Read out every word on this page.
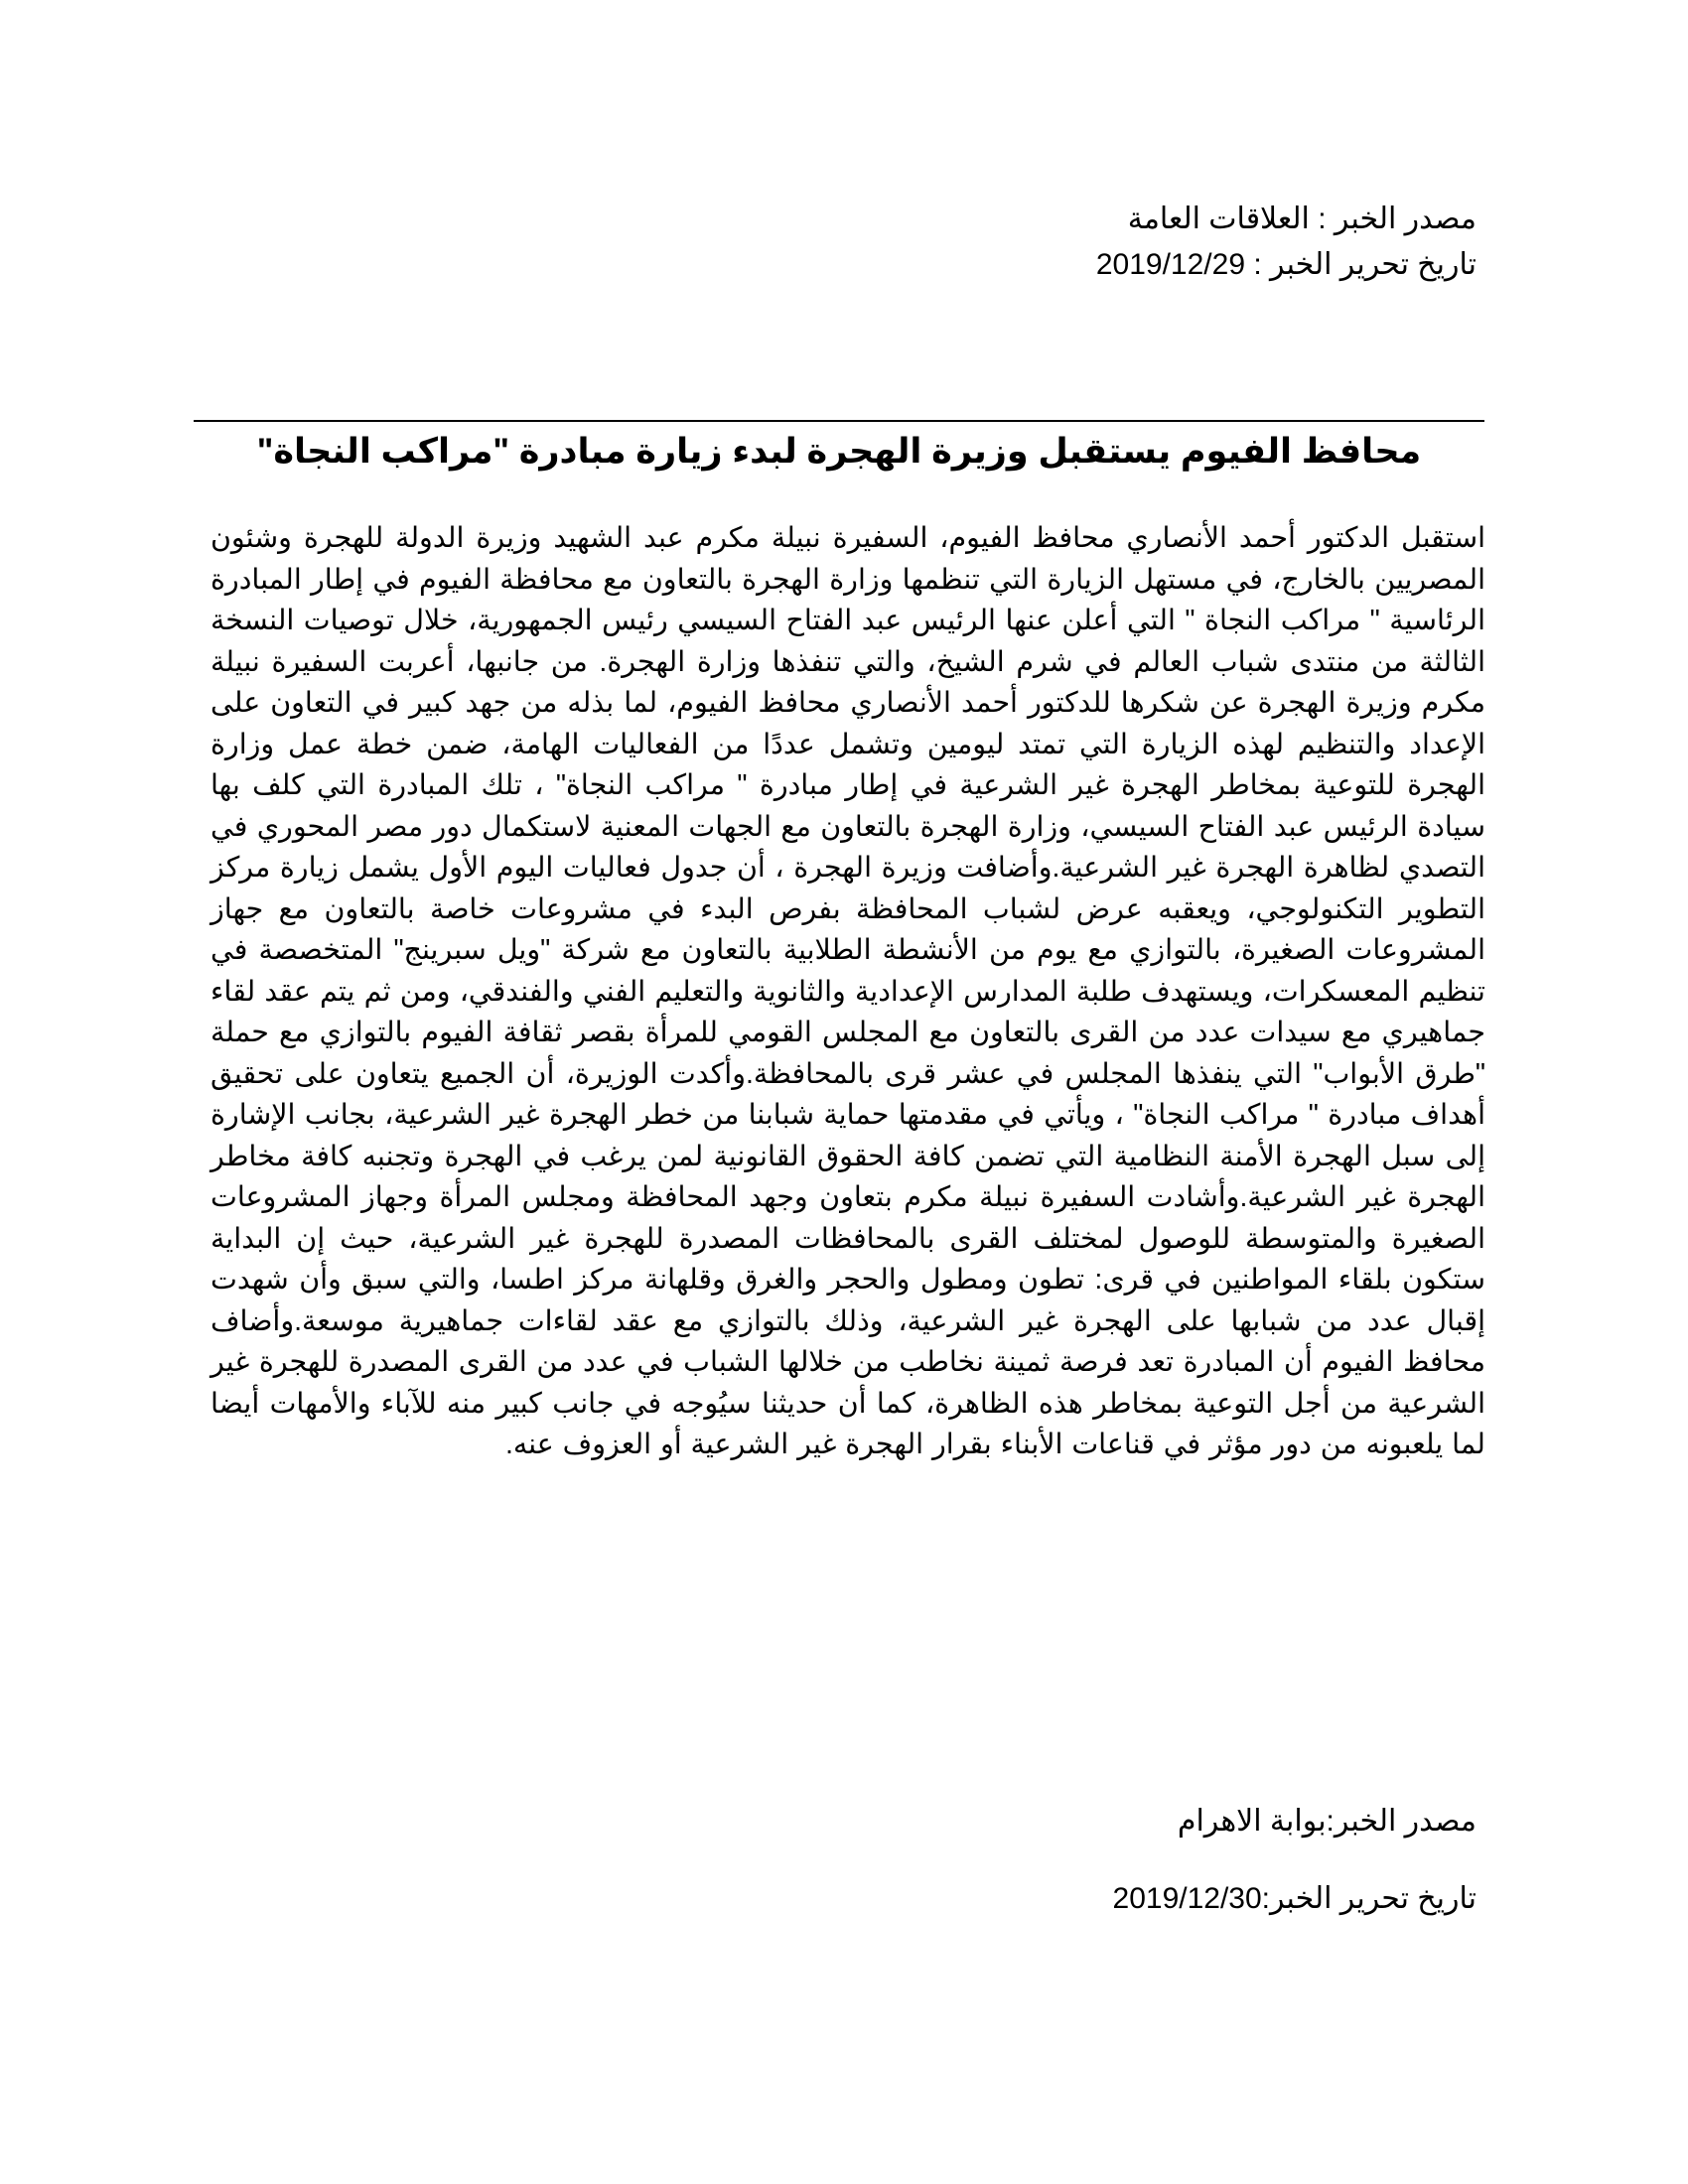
مصدر الخبر : العلاقات العامة
تاريخ تحرير الخبر : 2019/12/29
محافظ الفيوم يستقبل وزيرة الهجرة لبدء زيارة مبادرة "مراكب النجاة"
استقبل الدكتور أحمد الأنصاري محافظ الفيوم، السفيرة نبيلة مكرم عبد الشهيد وزيرة الدولة للهجرة وشئون المصريين بالخارج، في مستهل الزيارة التي تنظمها وزارة الهجرة بالتعاون مع محافظة الفيوم في إطار المبادرة الرئاسية " مراكب النجاة " التي أعلن عنها الرئيس عبد الفتاح السيسي رئيس الجمهورية، خلال توصيات النسخة الثالثة من منتدى شباب العالم في شرم الشيخ، والتي تنفذها وزارة الهجرة. من جانبها، أعربت السفيرة نبيلة مكرم وزيرة الهجرة عن شكرها للدكتور أحمد الأنصاري محافظ الفيوم، لما بذله من جهد كبير في التعاون على الإعداد والتنظيم لهذه الزيارة التي تمتد ليومين وتشمل عددًا من الفعاليات الهامة، ضمن خطة عمل وزارة الهجرة للتوعية بمخاطر الهجرة غير الشرعية في إطار مبادرة " مراكب النجاة" ، تلك المبادرة التي كلف بها سيادة الرئيس عبد الفتاح السيسي، وزارة الهجرة بالتعاون مع الجهات المعنية لاستكمال دور مصر المحوري في التصدي لظاهرة الهجرة غير الشرعية.وأضافت وزيرة الهجرة ، أن جدول فعاليات اليوم الأول يشمل زيارة مركز التطوير التكنولوجي، ويعقبه عرض لشباب المحافظة بفرص البدء في مشروعات خاصة بالتعاون مع جهاز المشروعات الصغيرة، بالتوازي مع يوم من الأنشطة الطلابية بالتعاون مع شركة "ويل سبرينج" المتخصصة في تنظيم المعسكرات، ويستهدف طلبة المدارس الإعدادية والثانوية والتعليم الفني والفندقي، ومن ثم يتم عقد لقاء جماهيري مع سيدات عدد من القرى بالتعاون مع المجلس القومي للمرأة بقصر ثقافة الفيوم بالتوازي مع حملة "طرق الأبواب" التي ينفذها المجلس في عشر قرى بالمحافظة.وأكدت الوزيرة، أن الجميع يتعاون على تحقيق أهداف مبادرة " مراكب النجاة" ، ويأتي في مقدمتها حماية شبابنا من خطر الهجرة غير الشرعية، بجانب الإشارة إلى سبل الهجرة الأمنة النظامية التي تضمن كافة الحقوق القانونية لمن يرغب في الهجرة وتجنبه كافة مخاطر الهجرة غير الشرعية.وأشادت السفيرة نبيلة مكرم بتعاون وجهد المحافظة ومجلس المرأة وجهاز المشروعات الصغيرة والمتوسطة للوصول لمختلف القرى بالمحافظات المصدرة للهجرة غير الشرعية، حيث إن البداية ستكون بلقاء المواطنين في قرى: تطون ومطول والحجر والغرق وقلهانة مركز اطسا، والتي سبق وأن شهدت إقبال عدد من شبابها على الهجرة غير الشرعية، وذلك بالتوازي مع عقد لقاءات جماهيرية موسعة.وأضاف محافظ الفيوم أن المبادرة تعد فرصة ثمينة نخاطب من خلالها الشباب في عدد من القرى المصدرة للهجرة غير الشرعية من أجل التوعية بمخاطر هذه الظاهرة، كما أن حديثنا سيُوجه في جانب كبير منه للآباء والأمهات أيضا لما يلعبونه من دور مؤثر في قناعات الأبناء بقرار الهجرة غير الشرعية أو العزوف عنه.
مصدر الخبر:بوابة الاهرام
تاريخ تحرير الخبر:2019/12/30
